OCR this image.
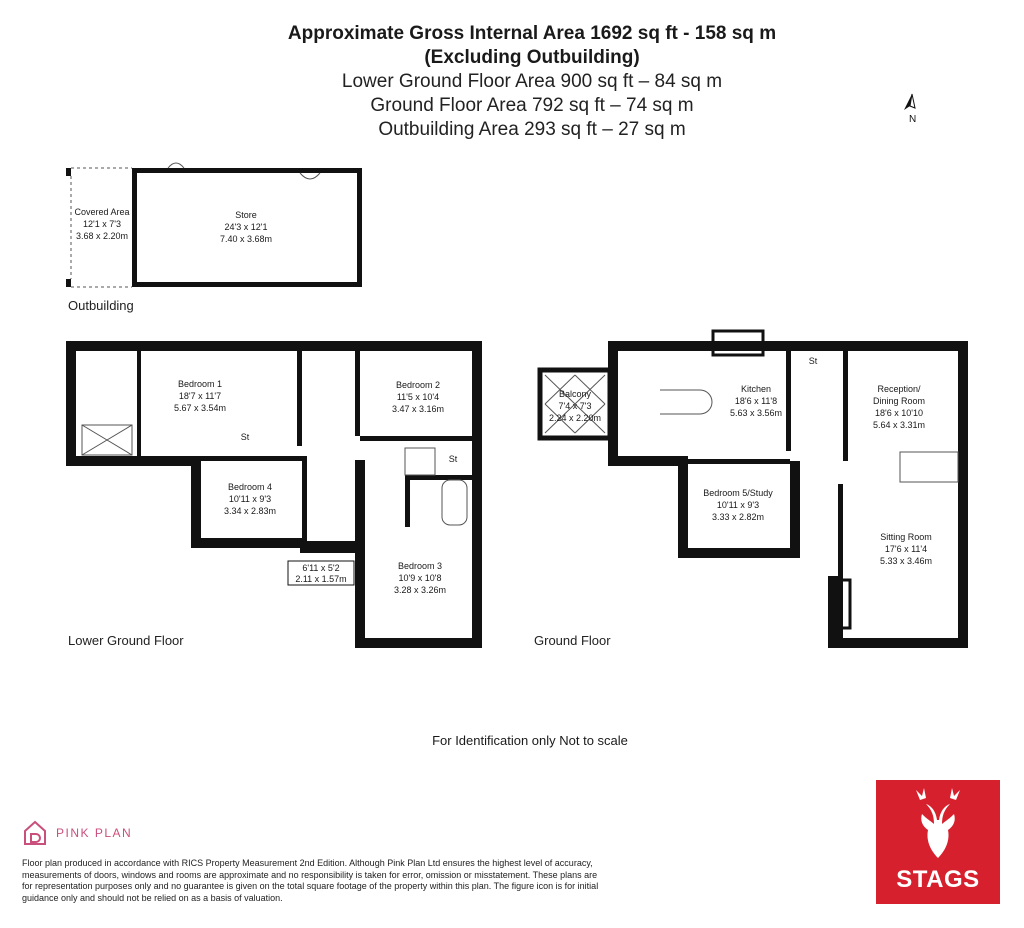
Approximate Gross Internal Area 1692 sq ft - 158 sq m
(Excluding Outbuilding)
Lower Ground Floor Area 900 sq ft – 84 sq m
Ground Floor Area 792 sq ft – 74 sq m
Outbuilding Area 293 sq ft – 27 sq m	N
Covered Area
12'1 x 7'3
3.68 x 2.20m
Store
24'3 x 12'1
7.40 x 3.68m
Bedroom 1
18'7 x 11'7
5.67 x 3.54m
Bedroom 2
11'5 x 10'4
3.47 x 3.16m
Bedroom 3
10'9 x 10'8
3.28 x 3.26m
Bedroom 4
10'11 x 9'3
3.34 x 2.83m
6'11 x 5'2
2.11 x 1.57m
St
St
St
Balcony
7'4 x 7'3
2.24 x 2.20m
Kitchen
18'6 x 11'8
5.63 x 3.56m
Bedroom 5/Study
10'11 x 9'3
3.33 x 2.82m
Reception/
Dining Room
18'6 x 10'10
5.64 x 3.31m
Sitting Room
17'6 x 11'4
5.33 x 3.46m
Outbuilding
Lower Ground Floor	Ground Floor
For Identification only Not to scale
PINK PLAN
Floor plan produced in accordance with RICS Property Measurement 2nd Edition. Although Pink Plan Ltd ensures the highest level of accuracy, measurements of doors, windows and rooms are approximate and no responsibility is taken for error, omission or misstatement. These plans are for representation purposes only and no guarantee is given on the total square footage of the property within this plan. The figure icon is for initial guidance only and should not be relied on as a basis of valuation.
STAGS
